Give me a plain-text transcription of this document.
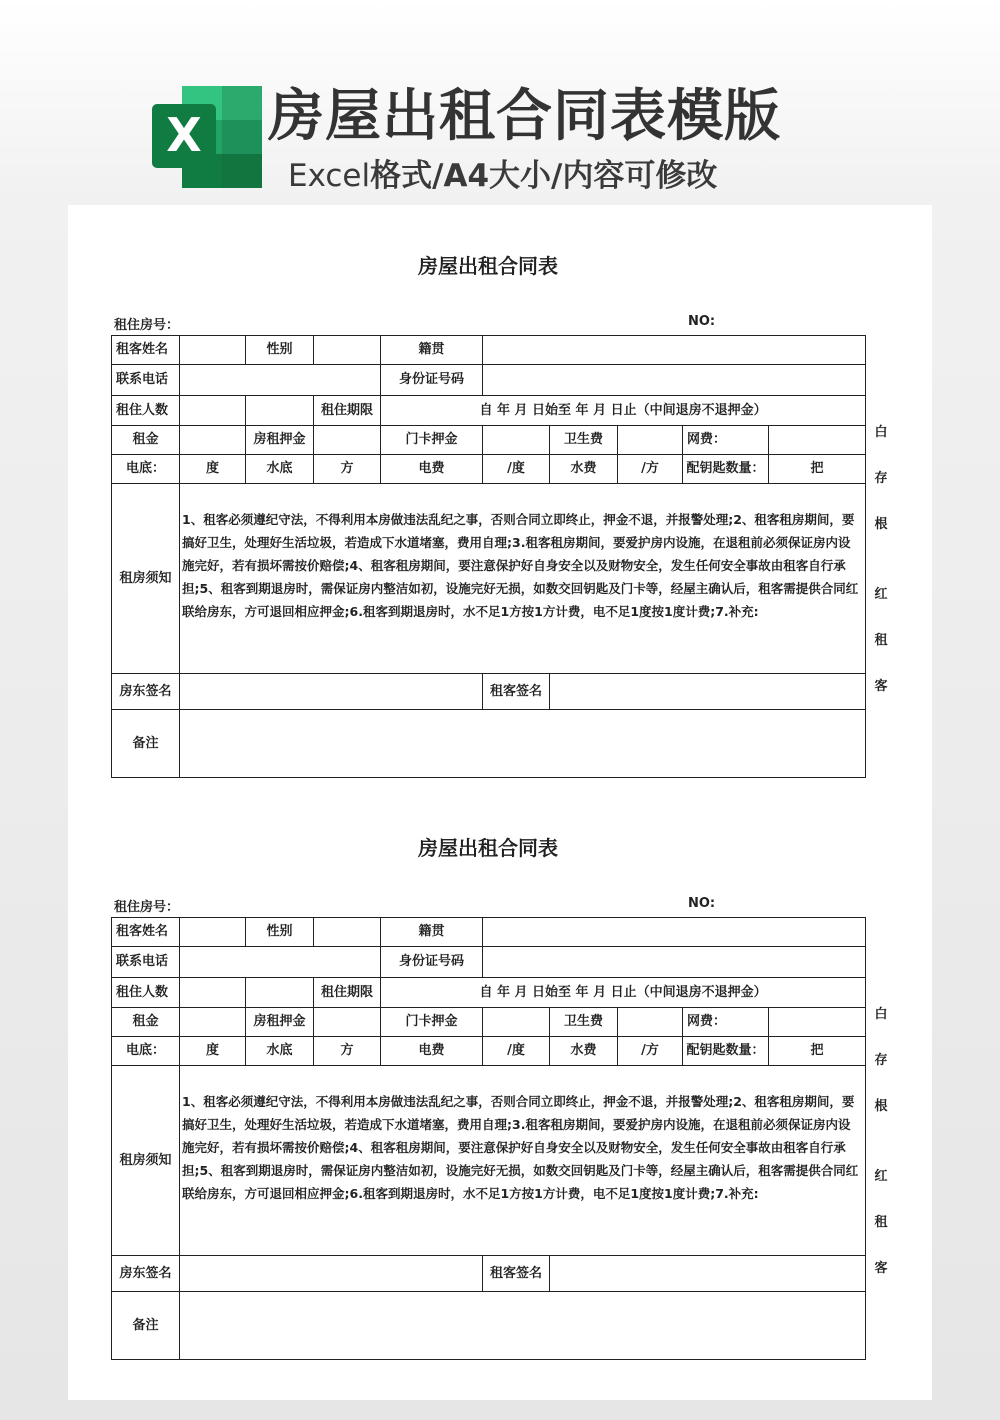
X 房屋出租合同表模版
Excel格式/A4大小/内容可修改
房屋出租合同表
租住房号：	NO:
租客姓名		性别		籍贯					
联系电话				身份证号码					
租住人数			租住期限	自 年 月 日始至 年 月 日止（中间退房不退押金）					
租金		房租押金		门卡押金		卫生费		网费：	
电底：	度	水底	方	电费	/度	水费	/方	配钥匙数量：	把
租房须知	1、租客必须遵纪守法，不得利用本房做违法乱纪之事，否则合同立即终止，押金不退，并报警处理;2、租客租房期间，要搞好卫生，处理好生活垃圾，若造成下水道堵塞，费用自理;3.租客租房期间，要爱护房内设施，在退租前必须保证房内设施完好，若有损坏需按价赔偿;4、租客租房期间，要注意保护好自身安全以及财物安全，发生任何安全事故由租客自行承担;5、租客到期退房时，需保证房内整洁如初，设施完好无损，如数交回钥匙及门卡等，经屋主确认后，租客需提供合同红联给房东，方可退回相应押金;6.租客到期退房时，水不足1方按1方计费，电不足1度按1度计费;7.补充:								
房东签名					租客签名				
备注									
白
存
根
红
租
客
房屋出租合同表
租住房号：	NO:
租客姓名		性别		籍贯					
联系电话				身份证号码					
租住人数			租住期限	自 年 月 日始至 年 月 日止（中间退房不退押金）					
租金		房租押金		门卡押金		卫生费		网费：	
电底：	度	水底	方	电费	/度	水费	/方	配钥匙数量：	把
租房须知	1、租客必须遵纪守法，不得利用本房做违法乱纪之事，否则合同立即终止，押金不退，并报警处理;2、租客租房期间，要搞好卫生，处理好生活垃圾，若造成下水道堵塞，费用自理;3.租客租房期间，要爱护房内设施，在退租前必须保证房内设施完好，若有损坏需按价赔偿;4、租客租房期间，要注意保护好自身安全以及财物安全，发生任何安全事故由租客自行承担;5、租客到期退房时，需保证房内整洁如初，设施完好无损，如数交回钥匙及门卡等，经屋主确认后，租客需提供合同红联给房东，方可退回相应押金;6.租客到期退房时，水不足1方按1方计费，电不足1度按1度计费;7.补充:								
房东签名					租客签名				
备注									
白
存
根
红
租
客
